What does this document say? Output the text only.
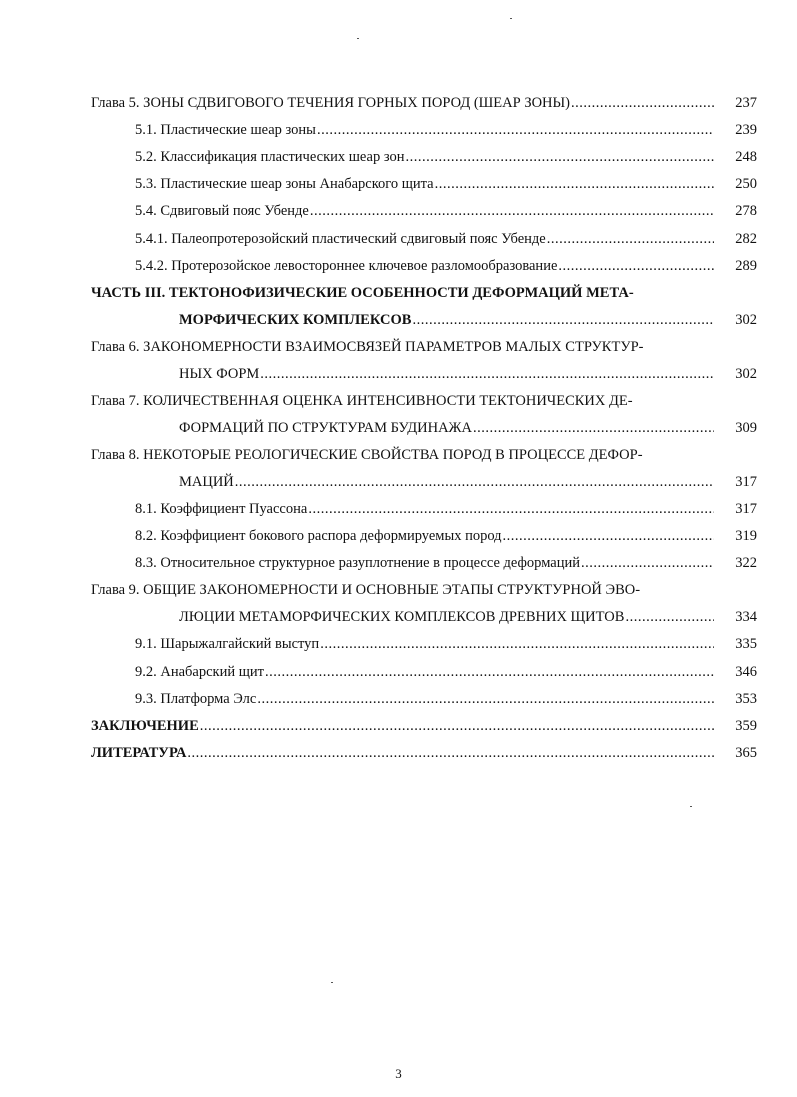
Глава 5. ЗОНЫ СДВИГОВОГО ТЕЧЕНИЯ ГОРНЫХ ПОРОД (ШЕАР ЗОНЫ) .....	237
5.1. Пластические шеар зоны .....	239
5.2. Классификация пластических шеар зон .....	248
5.3. Пластические шеар зоны Анабарского щита .....	250
5.4. Сдвиговый пояс Убенде .....	278
5.4.1. Палеопротерозойский пластический сдвиговый пояс Убенде .....	282
5.4.2. Протерозойское левостороннее ключевое разломообразование .....	289
ЧАСТЬ III. ТЕКТОНОФИЗИЧЕСКИЕ ОСОБЕННОСТИ ДЕФОРМАЦИЙ МЕТА-
МОРФИЧЕСКИХ КОМПЛЕКСОВ .....	302
Глава 6. ЗАКОНОМЕРНОСТИ ВЗАИМОСВЯЗЕЙ ПАРАМЕТРОВ МАЛЫХ СТРУКТУР-
НЫХ ФОРМ .....	302
Глава 7. КОЛИЧЕСТВЕННАЯ ОЦЕНКА ИНТЕНСИВНОСТИ ТЕКТОНИЧЕСКИХ ДЕ-
ФОРМАЦИЙ ПО СТРУКТУРАМ БУДИНАЖА .....	309
Глава 8. НЕКОТОРЫЕ РЕОЛОГИЧЕСКИЕ СВОЙСТВА ПОРОД В ПРОЦЕССЕ ДЕФОР-
МАЦИЙ .....	317
8.1. Коэффициент Пуассона .....	317
8.2. Коэффициент бокового распора деформируемых пород .....	319
8.3. Относительное структурное разуплотнение в процессе деформаций .....	322
Глава 9. ОБЩИЕ ЗАКОНОМЕРНОСТИ И ОСНОВНЫЕ ЭТАПЫ СТРУКТУРНОЙ ЭВО-
ЛЮЦИИ МЕТАМОРФИЧЕСКИХ КОМПЛЕКСОВ ДРЕВНИХ ЩИТОВ .....	334
9.1. Шарыжалгайский выступ .....	335
9.2. Анабарский щит .....	346
9.3. Платформа Элс .....	353
ЗАКЛЮЧЕНИЕ .....	359
ЛИТЕРАТУРА .....	365
3
